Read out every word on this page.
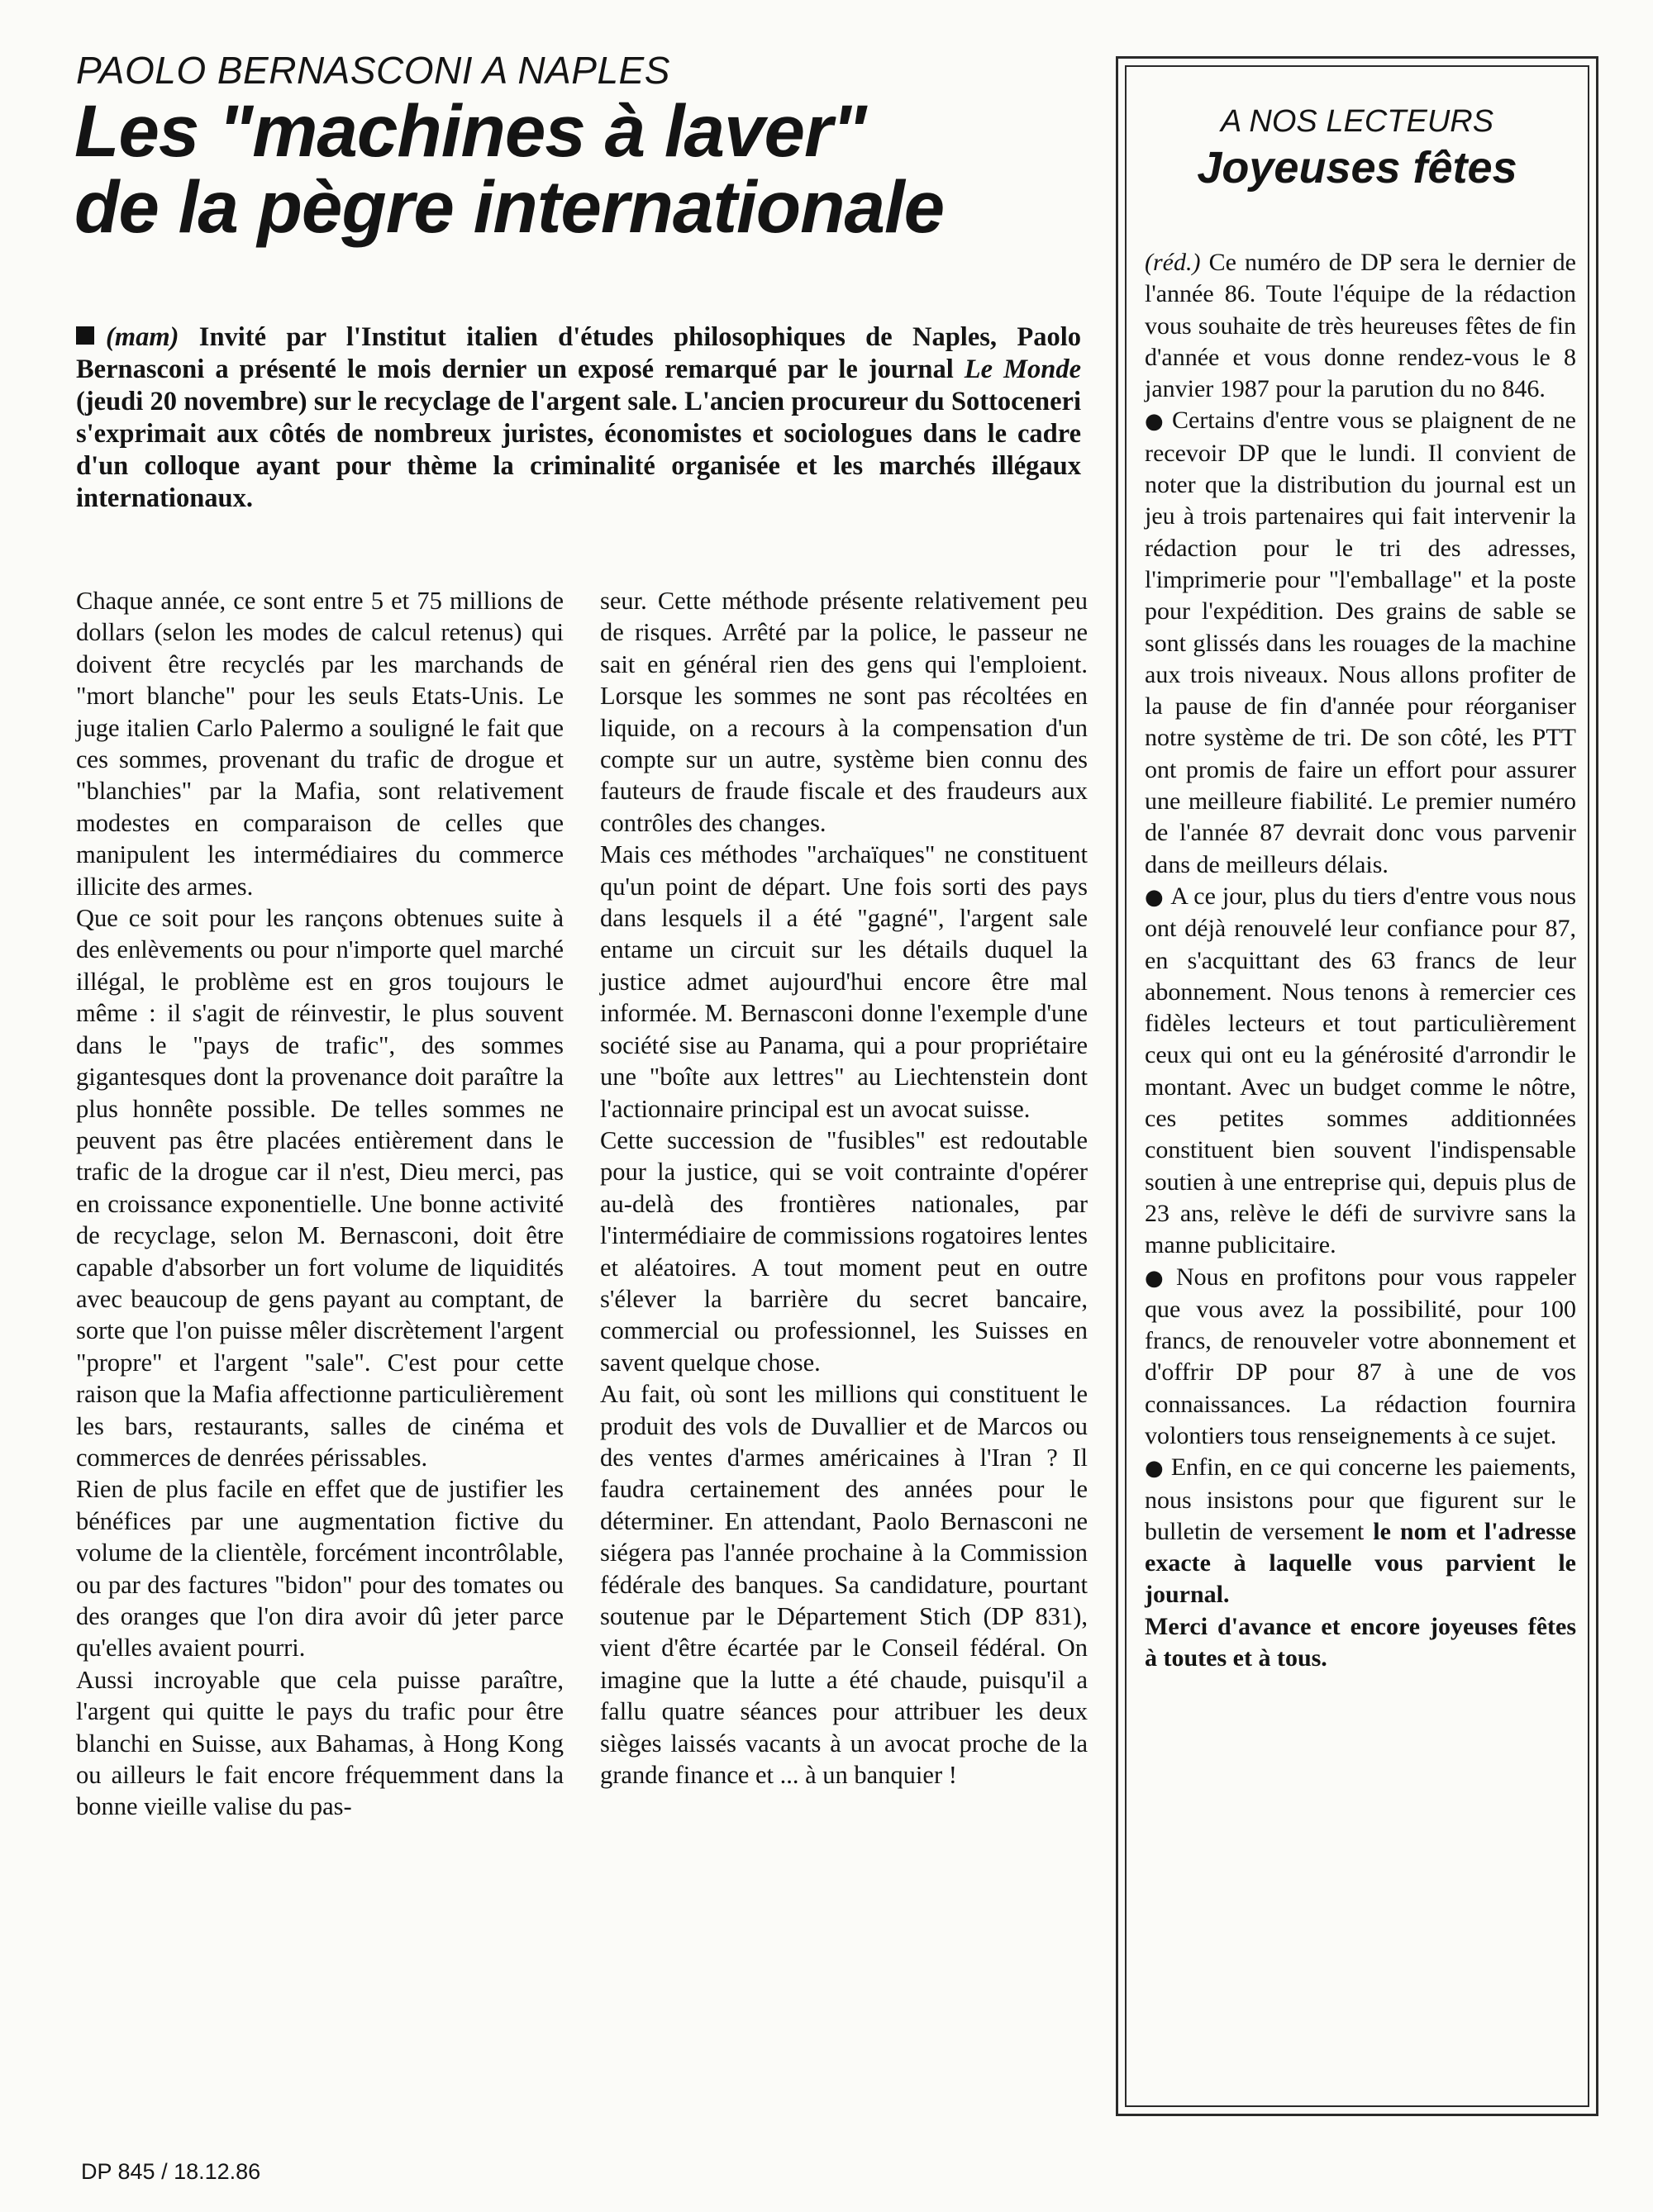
PAOLO BERNASCONI A NAPLES
Les "machines à laver"
de la pègre internationale
(mam) Invité par l'Institut italien d'études philosophiques de Naples, Paolo Bernasconi a présenté le mois dernier un exposé remarqué par le journal Le Monde (jeudi 20 novembre) sur le recyclage de l'argent sale. L'ancien procureur du Sottoceneri s'exprimait aux côtés de nombreux juristes, économistes et sociologues dans le cadre d'un colloque ayant pour thème la criminalité organisée et les marchés illégaux internationaux.

Chaque année, ce sont entre 5 et 75 millions de dollars (selon les modes de calcul retenus) qui doivent être recyclés par les marchands de "mort blanche" pour les seuls Etats-Unis. Le juge italien Carlo Palermo a souligné le fait que ces sommes, provenant du trafic de drogue et "blanchies" par la Mafia, sont relativement modestes en comparaison de celles que manipulent les intermédiaires du commerce illicite des armes.

Que ce soit pour les rançons obtenues suite à des enlèvements ou pour n'importe quel marché illégal, le problème est en gros toujours le même : il s'agit de réinvestir, le plus souvent dans le "pays de trafic", des sommes gigantesques dont la provenance doit paraître la plus honnête possible. De telles sommes ne peuvent pas être placées entièrement dans le trafic de la drogue car il n'est, Dieu merci, pas en croissance exponentielle. Une bonne activité de recyclage, selon M. Bernasconi, doit être capable d'absorber un fort volume de liquidités avec beaucoup de gens payant au comptant, de sorte que l'on puisse mêler discrètement l'argent "propre" et l'argent "sale". C'est pour cette raison que la Mafia affectionne particulièrement les bars, restaurants, salles de cinéma et commerces de denrées périssables.

Rien de plus facile en effet que de justifier les bénéfices par une augmentation fictive du volume de la clientèle, forcément incontrôlable, ou par des factures "bidon" pour des tomates ou des oranges que l'on dira avoir dû jeter parce qu'elles avaient pourri.

Aussi incroyable que cela puisse paraître, l'argent qui quitte le pays du trafic pour être blanchi en Suisse, aux Bahamas, à Hong Kong ou ailleurs le fait encore fréquemment dans la bonne vieille valise du pas-

seur. Cette méthode présente relativement peu de risques. Arrêté par la police, le passeur ne sait en général rien des gens qui l'emploient. Lorsque les sommes ne sont pas récoltées en liquide, on a recours à la compensation d'un compte sur un autre, système bien connu des fauteurs de fraude fiscale et des fraudeurs aux contrôles des changes.

Mais ces méthodes "archaïques" ne constituent qu'un point de départ. Une fois sorti des pays dans lesquels il a été "gagné", l'argent sale entame un circuit sur les détails duquel la justice admet aujourd'hui encore être mal informée. M. Bernasconi donne l'exemple d'une société sise au Panama, qui a pour propriétaire une "boîte aux lettres" au Liechtenstein dont l'actionnaire principal est un avocat suisse.

Cette succession de "fusibles" est redoutable pour la justice, qui se voit contrainte d'opérer au-delà des frontières nationales, par l'intermédiaire de commissions rogatoires lentes et aléatoires. A tout moment peut en outre s'élever la barrière du secret bancaire, commercial ou professionnel, les Suisses en savent quelque chose.

Au fait, où sont les millions qui constituent le produit des vols de Duvallier et de Marcos ou des ventes d'armes américaines à l'Iran ? Il faudra certainement des années pour le déterminer. En attendant, Paolo Bernasconi ne siégera pas l'année prochaine à la Commission fédérale des banques. Sa candidature, pourtant soutenue par le Département Stich (DP 831), vient d'être écartée par le Conseil fédéral. On imagine que la lutte a été chaude, puisqu'il a fallu quatre séances pour attribuer les deux sièges laissés vacants à un avocat proche de la grande finance et ... à un banquier !

A NOS LECTEURS
Joyeuses fêtes

(réd.) Ce numéro de DP sera le dernier de l'année 86. Toute l'équipe de la rédaction vous souhaite de très heureuses fêtes de fin d'année et vous donne rendez-vous le 8 janvier 1987 pour la parution du no 846.

● Certains d'entre vous se plaignent de ne recevoir DP que le lundi. Il convient de noter que la distribution du journal est un jeu à trois partenaires qui fait intervenir la rédaction pour le tri des adresses, l'imprimerie pour "l'emballage" et la poste pour l'expédition. Des grains de sable se sont glissés dans les rouages de la machine aux trois niveaux. Nous allons profiter de la pause de fin d'année pour réorganiser notre système de tri. De son côté, les PTT ont promis de faire un effort pour assurer une meilleure fiabilité. Le premier numéro de l'année 87 devrait donc vous parvenir dans de meilleurs délais.

● A ce jour, plus du tiers d'entre vous nous ont déjà renouvelé leur confiance pour 87, en s'acquittant des 63 francs de leur abonnement. Nous tenons à remercier ces fidèles lecteurs et tout particulièrement ceux qui ont eu la générosité d'arrondir le montant. Avec un budget comme le nôtre, ces petites sommes additionnées constituent bien souvent l'indispensable soutien à une entreprise qui, depuis plus de 23 ans, relève le défi de survivre sans la manne publicitaire.

● Nous en profitons pour vous rappeler que vous avez la possibilité, pour 100 francs, de renouveler votre abonnement et d'offrir DP pour 87 à une de vos connaissances. La rédaction fournira volontiers tous renseignements à ce sujet.

● Enfin, en ce qui concerne les paiements, nous insistons pour que figurent sur le bulletin de versement le nom et l'adresse exacte à laquelle vous parvient le journal.

Merci d'avance et encore joyeuses fêtes à toutes et à tous.

DP 845 / 18.12.86
